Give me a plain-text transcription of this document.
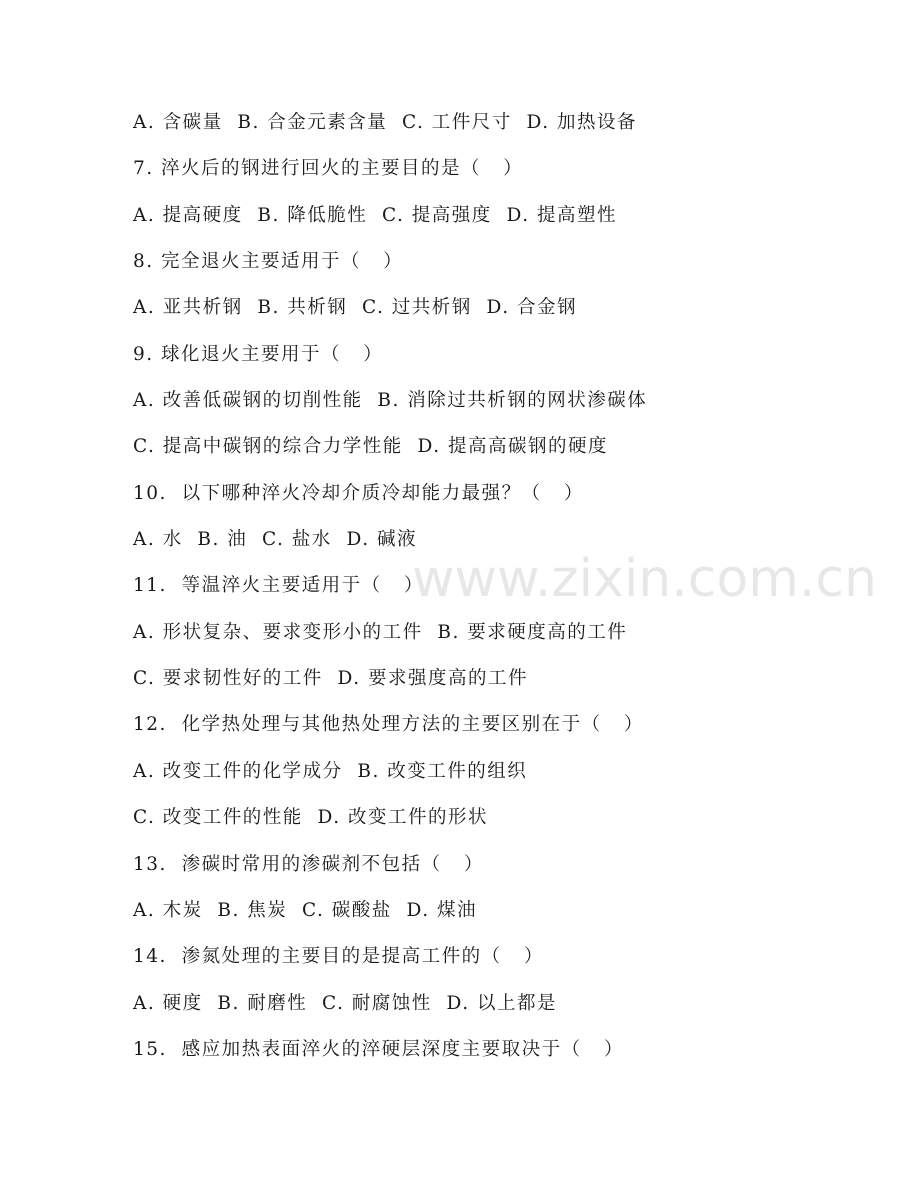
A. 含碳量  B. 合金元素含量  C. 工件尺寸  D. 加热设备
7. 淬火后的钢进行回火的主要目的是（   ）
A. 提高硬度  B. 降低脆性  C. 提高强度  D. 提高塑性
8. 完全退火主要适用于（   ）
A. 亚共析钢  B. 共析钢  C. 过共析钢  D. 合金钢
9. 球化退火主要用于（   ）
A. 改善低碳钢的切削性能  B. 消除过共析钢的网状渗碳体
C. 提高中碳钢的综合力学性能  D. 提高高碳钢的硬度
10.  以下哪种淬火冷却介质冷却能力最强？（   ）
A. 水  B. 油  C. 盐水  D. 碱液
11.  等温淬火主要适用于（   ）
A. 形状复杂、要求变形小的工件  B. 要求硬度高的工件
C. 要求韧性好的工件  D. 要求强度高的工件
12.  化学热处理与其他热处理方法的主要区别在于（   ）
A. 改变工件的化学成分  B. 改变工件的组织
C. 改变工件的性能  D. 改变工件的形状
13.  渗碳时常用的渗碳剂不包括（   ）
A. 木炭  B. 焦炭  C. 碳酸盐  D. 煤油
14.  渗氮处理的主要目的是提高工件的（   ）
A. 硬度  B. 耐磨性  C. 耐腐蚀性  D. 以上都是
15.  感应加热表面淬火的淬硬层深度主要取决于（   ）
www.zixin.com.cn
